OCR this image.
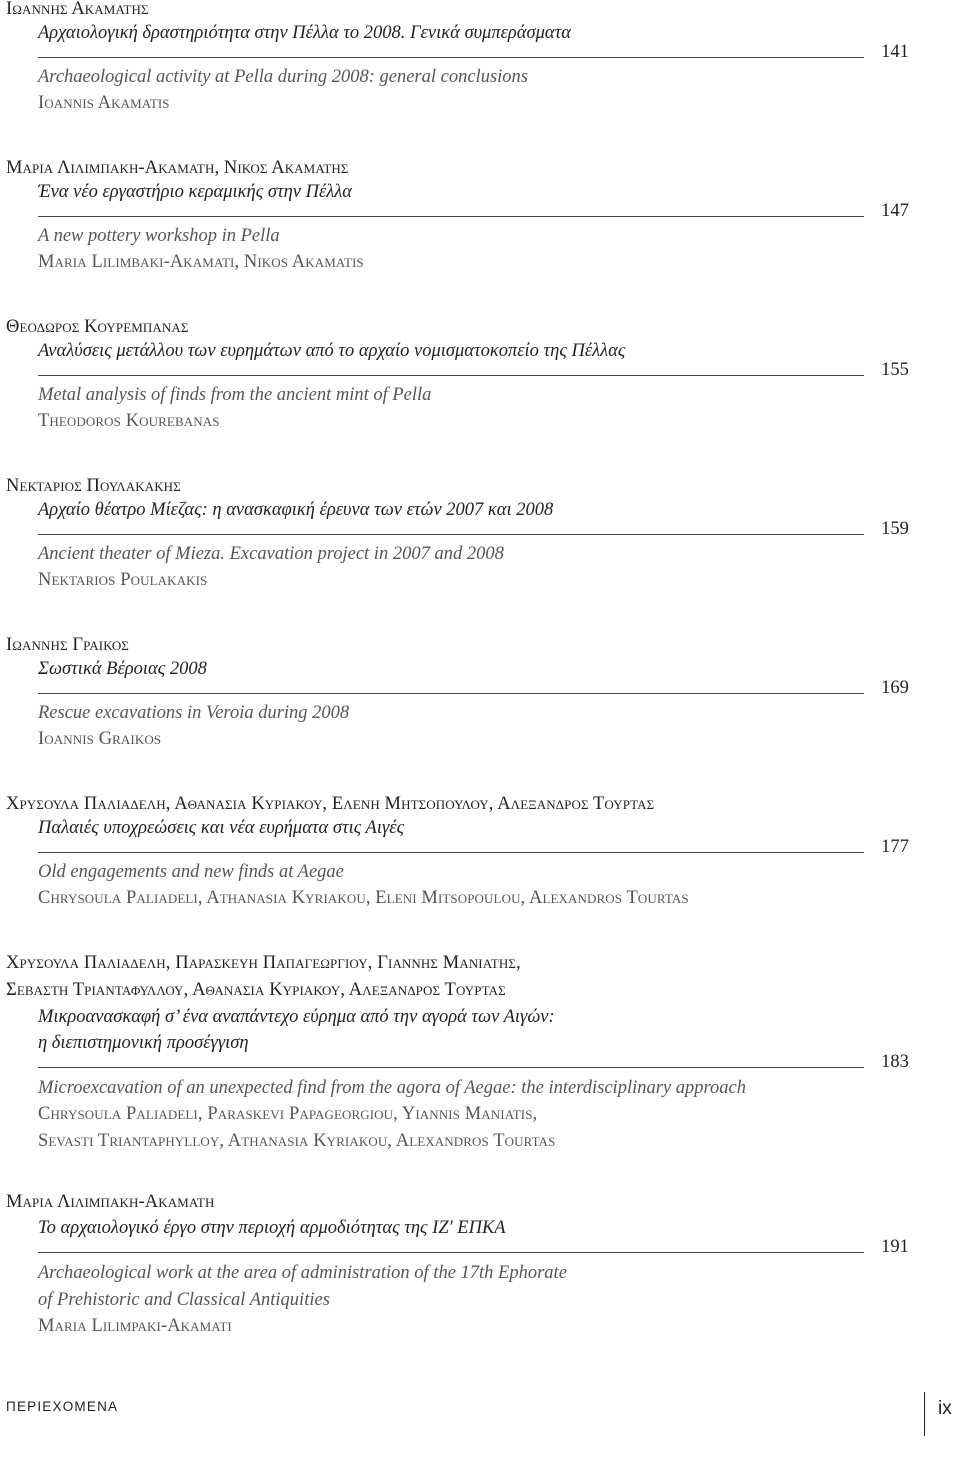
Ιωαννησ Ακαματησ
Αρχαιολογική δραστηριότητα στην Πέλλα το 2008. Γενικά συμπεράσματα
141
Archaeological activity at Pella during 2008: general conclusions
Ioannis Akamatis
Μαρια Λιλιμπακη-Ακαματη, Νικοσ Ακαματησ
Ένα νέο εργαστήριο κεραμικής στην Πέλλα
147
A new pottery workshop in Pella
Maria Lilimbaki-Akamati, Nikos Akamatis
Θεοδωροσ Κουρεμπανασ
Αναλύσεις μετάλλου των ευρημάτων από το αρχαίο νομισματοκοπείο της Πέλλας
155
Metal analysis of finds from the ancient mint of Pella
Theodoros Kourebanas
Νεκταριοσ Πουλακακησ
Αρχαίο θέατρο Μίεζας: η ανασκαφική έρευνα των ετών 2007 και 2008
159
Ancient theater of Mieza. Excavation project in 2007 and 2008
Nektarios Poulakakis
Ιωαννησ Γραικοσ
Σωστικά Βέροιας 2008
169
Rescue excavations in Veroia during 2008
Ioannis Graikos
Χρυσουλα Παλιαδελη, Αθανασια Κυριακου, Ελενη Μητσοπουλου, Αλεξανδροσ Τουρτασ
Παλαιές υποχρεώσεις και νέα ευρήματα στις Αιγές
177
Old engagements and new finds at Aegae
Chrysoula Paliadeli, Athanasia Kyriakou, Eleni Mitsopoulou, Alexandros Tourtas
Χρυσουλα Παλιαδελη, Παρασκευη Παπαγεωργιου, Γιαννησ Μανιατησ,
Σεβαστη Τριανταφυλλου, Αθανασια Κυριακου, Αλεξανδροσ Τουρτασ
Μικροανασκαφή σ’ ένα αναπάντεχο εύρημα από την αγορά των Αιγών:
η διεπιστημονική προσέγγιση
183
Microexcavation of an unexpected find from the agora of Aegae: the interdisciplinary approach
Chrysoula Paliadeli, Paraskevi Papageorgiou, Yiannis Maniatis,
Sevasti Triantaphylloy, Athanasia Kyriakou, Alexandros Tourtas
Μαρια Λιλιμπακη-Ακαματη
Το αρχαιολογικό έργο στην περιοχή αρμοδιότητας της ΙΖ′ ΕΠΚΑ
191
Archaeological work at the area of administration of the 17th Ephorate
of Prehistoric and Classical Antiquities
Maria Lilimpaki-Akamati
ΠΕΡΙΕΧΟΜΕΝΑ	ix
